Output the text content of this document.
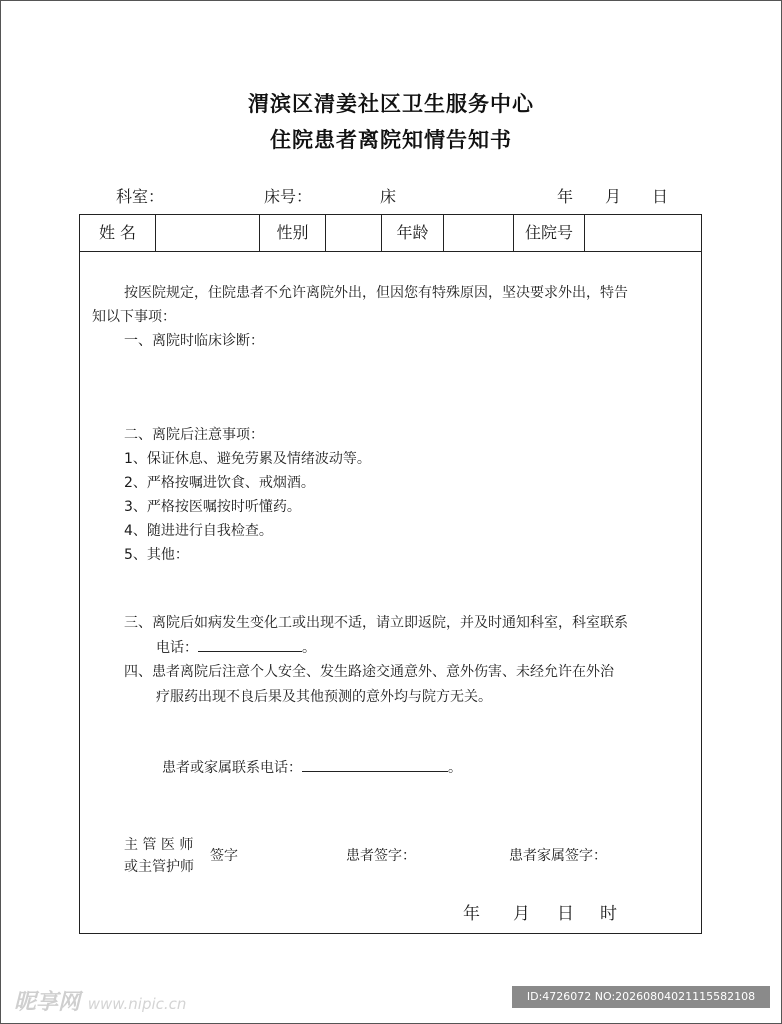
渭滨区清姜社区卫生服务中心
住院患者离院知情告知书
科室：	床号：	床	年 月 日
姓 名	性别	年龄	住院号
按医院规定，住院患者不允许离院外出，但因您有特殊原因，坚决要求外出，特告
知以下事项：
一、离院时临床诊断：
二、离院后注意事项：
1、保证休息、避免劳累及情绪波动等。
2、严格按嘱进饮食、戒烟酒。
3、严格按医嘱按时听懂药。
4、随进进行自我检查。
5、其他：
三、离院后如病发生变化工或出现不适，请立即返院，并及时通知科室，科室联系
电话：	。
四、患者离院后注意个人安全、发生路途交通意外、意外伤害、未经允许在外治
疗服药出现不良后果及其他预测的意外均与院方无关。
患者或家属联系电话：	。
主 管 医 师
或主管护师
签字	患者签字：	患者家属签字：
年 月 日 时
昵享网 www.nipic.cn	ID:4726072 NO:20260804021115582108
